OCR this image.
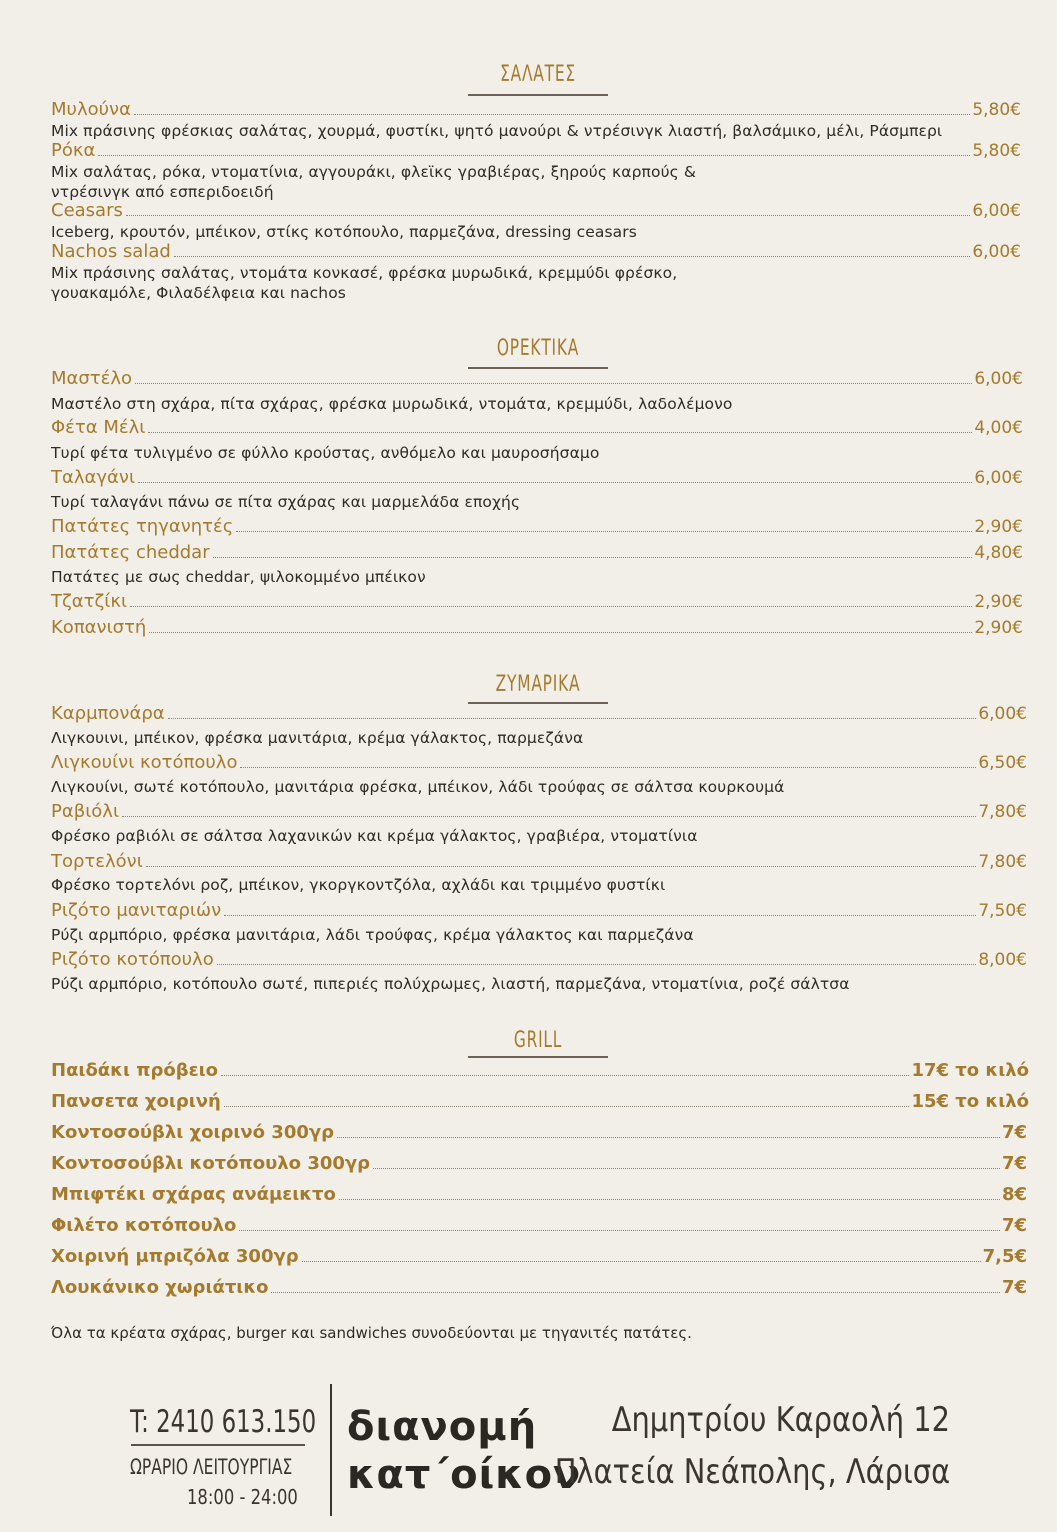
ΣΑΛΑΤΕΣ
Μυλούνα	5,80€
Mix πράσινης φρέσκιας σαλάτας, χουρμά, φυστίκι, ψητό μανούρι & ντρέσινγκ λιαστή, βαλσάμικο, μέλι, Ράσμπερι
Ρόκα	5,80€
Mix σαλάτας, ρόκα, ντοματίνια, αγγουράκι, φλεϊκς γραβιέρας, ξηρούς καρπούς &
ντρέσινγκ από εσπεριδοειδή
Ceasars	6,00€
Iceberg, κρουτόν, μπέικον, στίκς κοτόπουλο, παρμεζάνα, dressing ceasars
Nachos salad	6,00€
Mix πράσινης σαλάτας, ντομάτα κονκασέ, φρέσκα μυρωδικά, κρεμμύδι φρέσκο,
γουακαμόλε, Φιλαδέλφεια και nachos
ΟΡΕΚΤΙΚΑ
Μαστέλο	6,00€
Μαστέλο στη σχάρα, πίτα σχάρας, φρέσκα μυρωδικά, ντομάτα, κρεμμύδι, λαδολέμονο
Φέτα Μέλι	4,00€
Τυρί φέτα τυλιγμένο σε φύλλο κρούστας, ανθόμελο και μαυροσήσαμο
Ταλαγάνι	6,00€
Τυρί ταλαγάνι πάνω σε πίτα σχάρας και μαρμελάδα εποχής
Πατάτες τηγανητές	2,90€
Πατάτες cheddar	4,80€
Πατάτες με σως cheddar, ψιλοκομμένο μπέικον
Τζατζίκι	2,90€
Κοπανιστή	2,90€
ΖΥΜΑΡΙΚΑ
Καρμπονάρα	6,00€
Λιγκουινι, μπέικον, φρέσκα μανιτάρια, κρέμα γάλακτος, παρμεζάνα
Λιγκουίνι κοτόπουλο	6,50€
Λιγκουίνι, σωτέ κοτόπουλο, μανιτάρια φρέσκα, μπέικον, λάδι τρούφας σε σάλτσα κουρκουμά
Ραβιόλι	7,80€
Φρέσκο ραβιόλι σε σάλτσα λαχανικών και κρέμα γάλακτος, γραβιέρα, ντοματίνια
Τορτελόνι	7,80€
Φρέσκο τορτελόνι ροζ, μπέικον, γκοργκοντζόλα, αχλάδι και τριμμένο φυστίκι
Ριζότο μανιταριών	7,50€
Ρύζι αρμπόριο, φρέσκα μανιτάρια, λάδι τρούφας, κρέμα γάλακτος και παρμεζάνα
Ριζότο κοτόπουλο	8,00€
Ρύζι αρμπόριο, κοτόπουλο σωτέ, πιπεριές πολύχρωμες, λιαστή, παρμεζάνα, ντοματίνια, ροζέ σάλτσα
GRILL
Παιδάκι πρόβειο	17€ το κιλό
Πανσετα χοιρινή	15€ το κιλό
Κοντοσούβλι χοιρινό 300γρ	7€
Κοντοσούβλι κοτόπουλο 300γρ	7€
Μπιφτέκι σχάρας ανάμεικτο	8€
Φιλέτο κοτόπουλο	7€
Χοιρινή μπριζόλα 300γρ	7,5€
Λουκάνικο χωριάτικο	7€
Όλα τα κρέατα σχάρας, burger και sandwiches συνοδεύονται με τηγανιτές πατάτες.
T: 2410 613.150
ΩΡΑΡΙΟ ΛΕΙΤΟΥΡΓΙΑΣ
18:00 - 24:00
διανομή
κατ΄οίκον
Δημητρίου Καραολή 12
Πλατεία Νεάπολης, Λάρισα
